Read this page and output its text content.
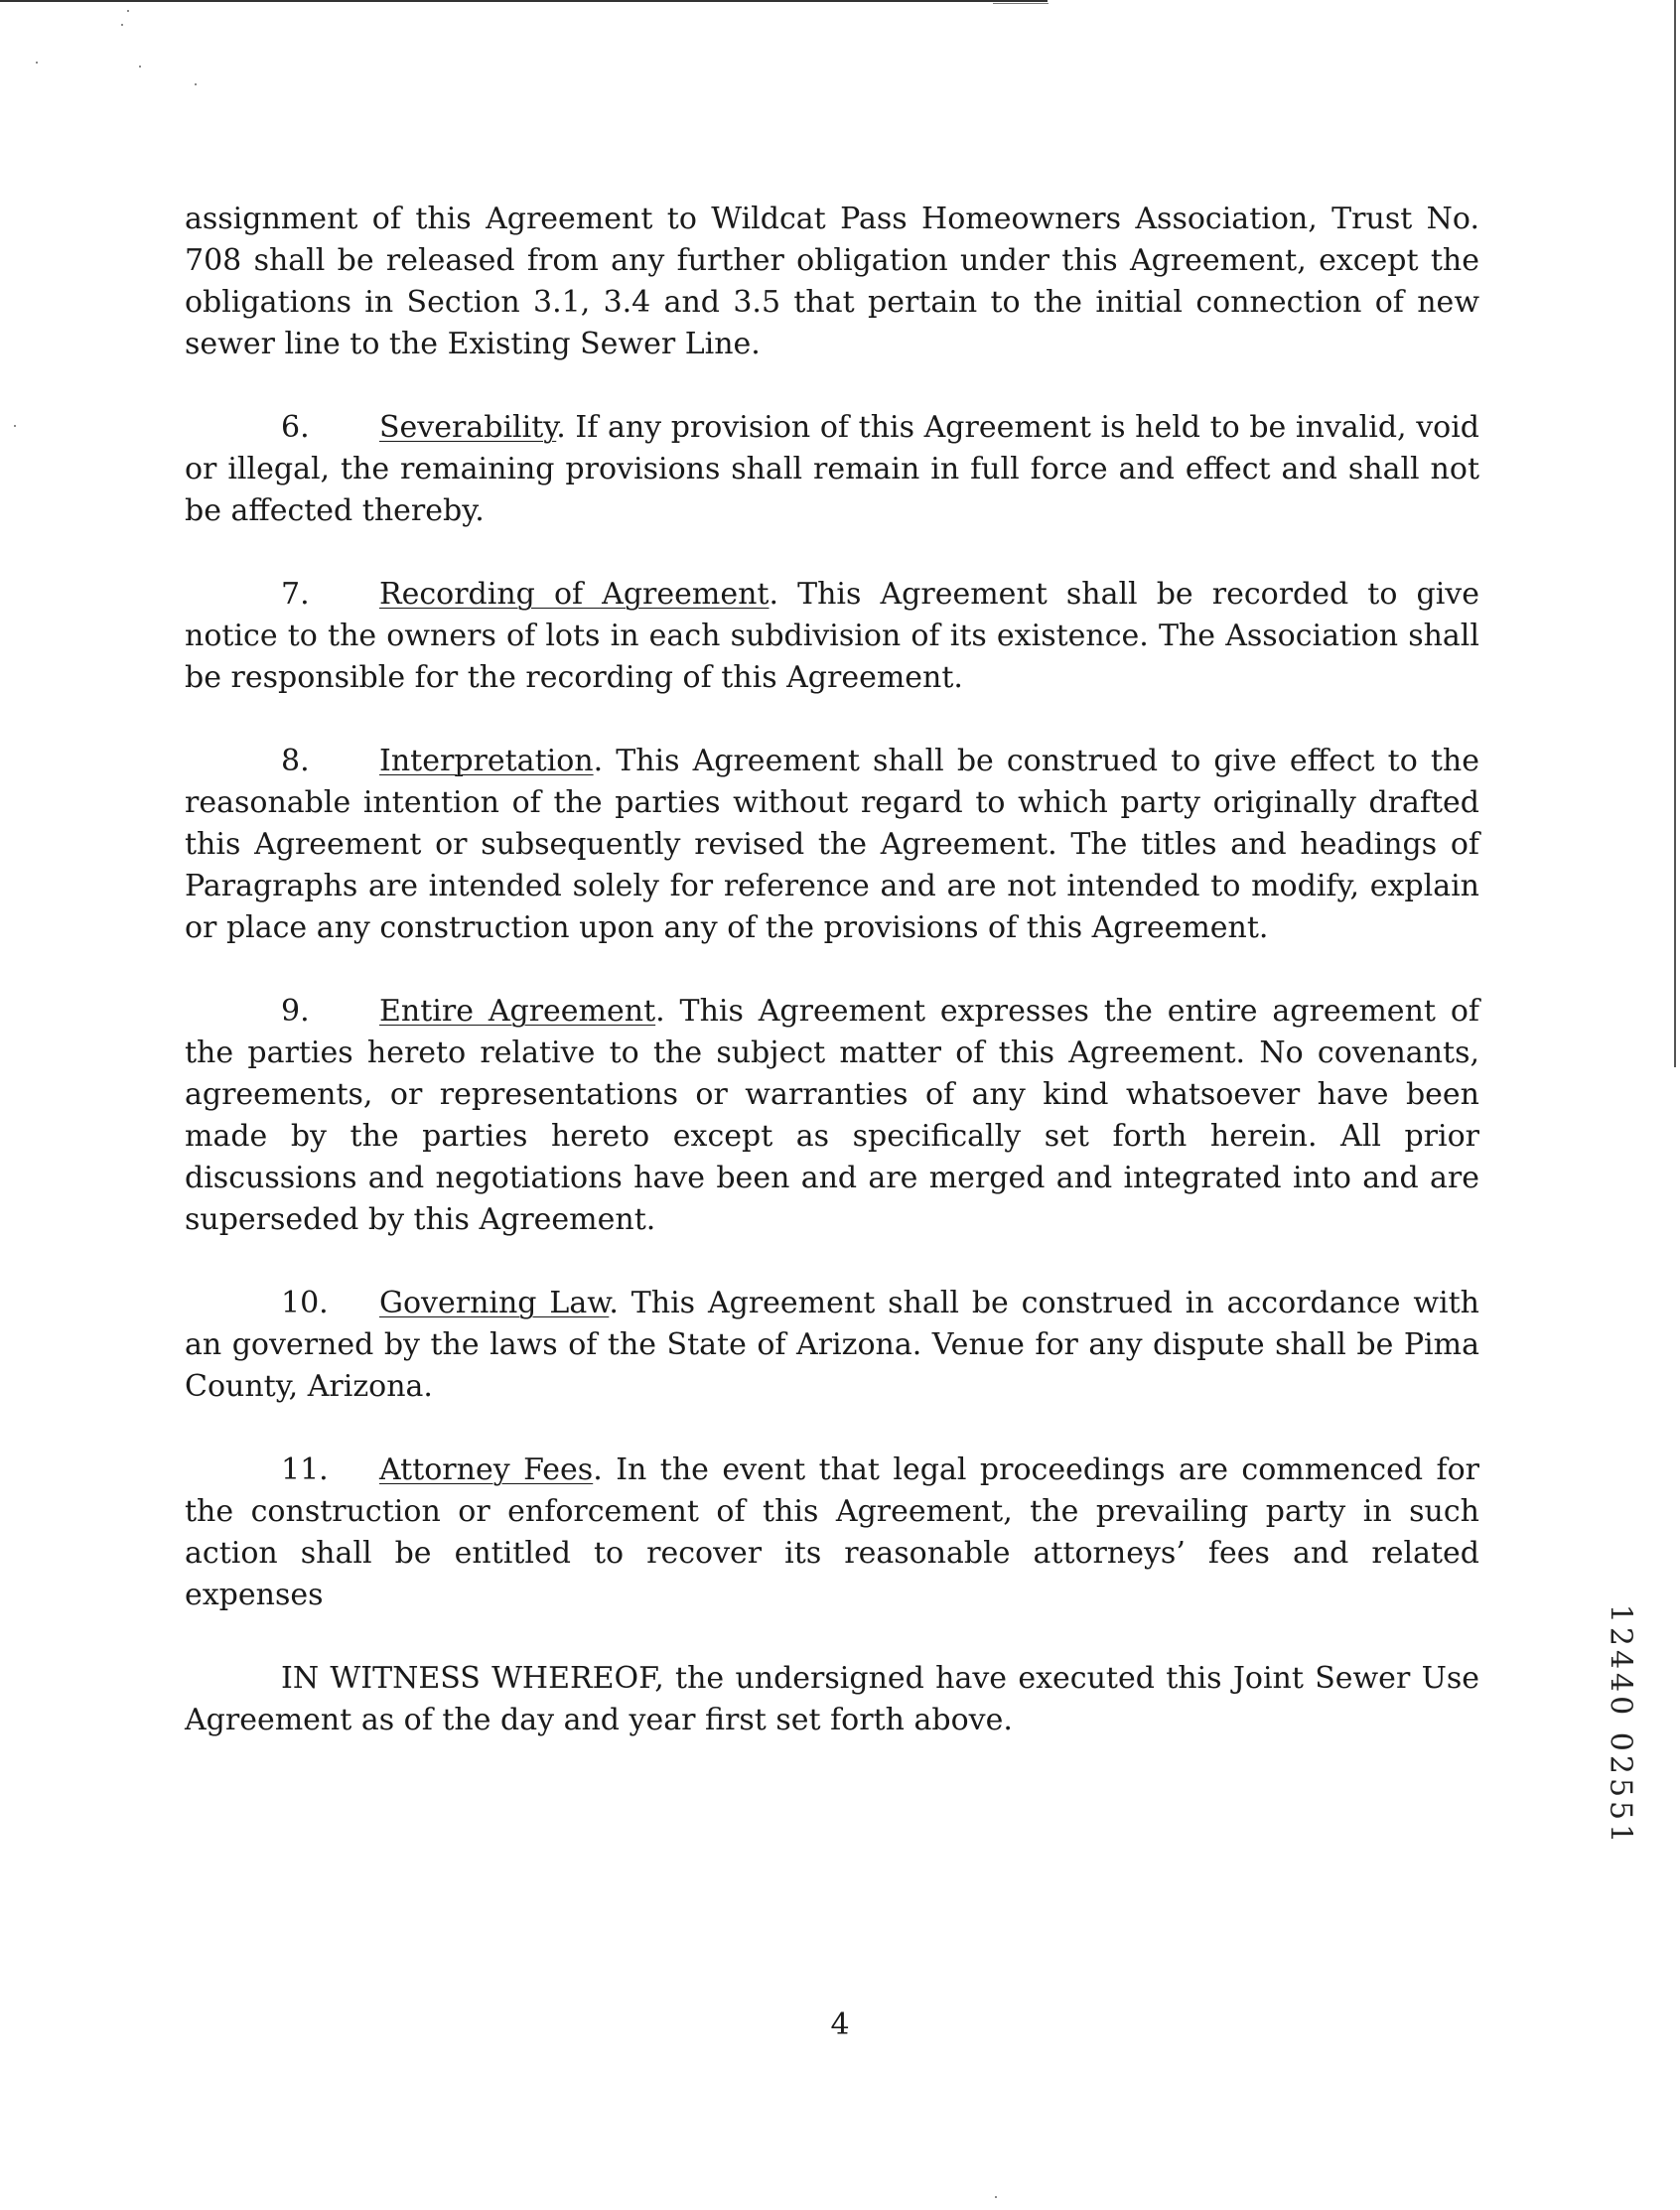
assignment of this Agreement to Wildcat Pass Homeowners Association, Trust No. 708 shall be released from any further obligation under this Agreement, except the obligations in Section 3.1, 3.4 and 3.5 that pertain to the initial connection of new sewer line to the Existing Sewer Line.

6. Severability. If any provision of this Agreement is held to be invalid, void or illegal, the remaining provisions shall remain in full force and effect and shall not be affected thereby.

7. Recording of Agreement. This Agreement shall be recorded to give notice to the owners of lots in each subdivision of its existence. The Association shall be responsible for the recording of this Agreement.

8. Interpretation. This Agreement shall be construed to give effect to the reasonable intention of the parties without regard to which party originally drafted this Agreement or subsequently revised the Agreement. The titles and headings of Paragraphs are intended solely for reference and are not intended to modify, explain or place any construction upon any of the provisions of this Agreement.

9. Entire Agreement. This Agreement expresses the entire agreement of the parties hereto relative to the subject matter of this Agreement. No covenants, agreements, or representations or warranties of any kind whatsoever have been made by the parties hereto except as specifically set forth herein. All prior discussions and negotiations have been and are merged and integrated into and are superseded by this Agreement.

10. Governing Law. This Agreement shall be construed in accordance with an governed by the laws of the State of Arizona. Venue for any dispute shall be Pima County, Arizona.

11. Attorney Fees. In the event that legal proceedings are commenced for the construction or enforcement of this Agreement, the prevailing party in such action shall be entitled to recover its reasonable attorneys’ fees and related expenses

IN WITNESS WHEREOF, the undersigned have executed this Joint Sewer Use Agreement as of the day and year first set forth above.	12440 02551
4
